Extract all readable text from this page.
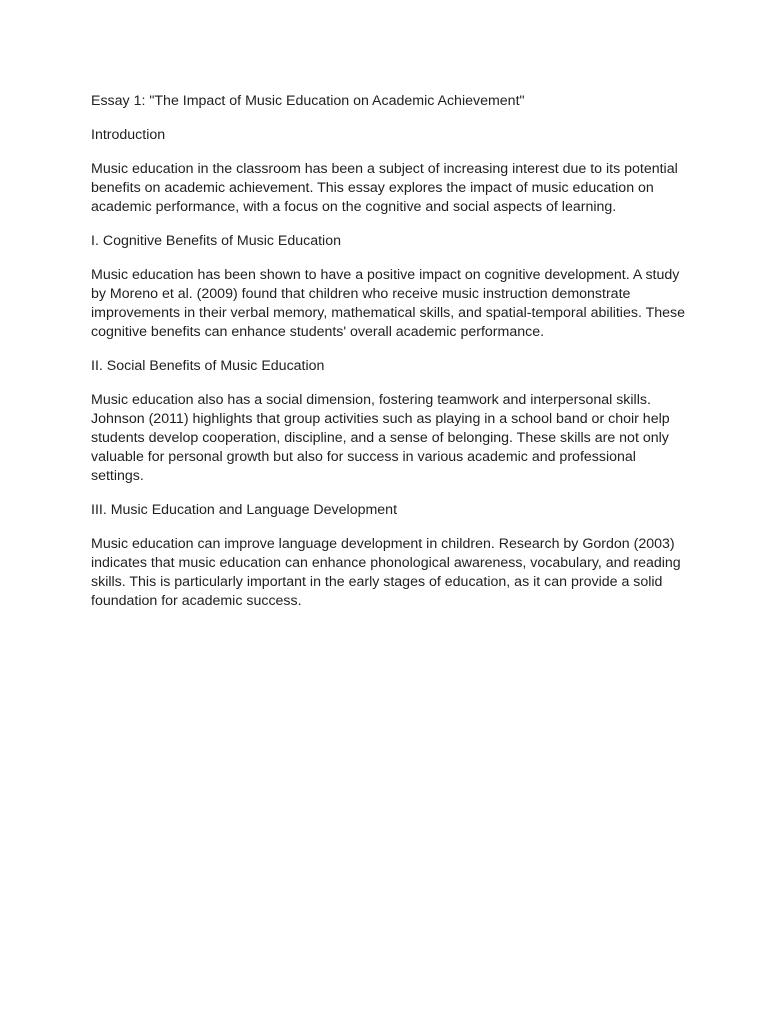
Essay 1: "The Impact of Music Education on Academic Achievement"

Introduction

Music education in the classroom has been a subject of increasing interest due to its potential
benefits on academic achievement. This essay explores the impact of music education on
academic performance, with a focus on the cognitive and social aspects of learning.

I. Cognitive Benefits of Music Education

Music education has been shown to have a positive impact on cognitive development. A study
by Moreno et al. (2009) found that children who receive music instruction demonstrate
improvements in their verbal memory, mathematical skills, and spatial-temporal abilities. These
cognitive benefits can enhance students' overall academic performance.

II. Social Benefits of Music Education

Music education also has a social dimension, fostering teamwork and interpersonal skills.
Johnson (2011) highlights that group activities such as playing in a school band or choir help
students develop cooperation, discipline, and a sense of belonging. These skills are not only
valuable for personal growth but also for success in various academic and professional settings.

III. Music Education and Language Development

Music education can improve language development in children. Research by Gordon (2003)
indicates that music education can enhance phonological awareness, vocabulary, and reading
skills. This is particularly important in the early stages of education, as it can provide a solid
foundation for academic success.
